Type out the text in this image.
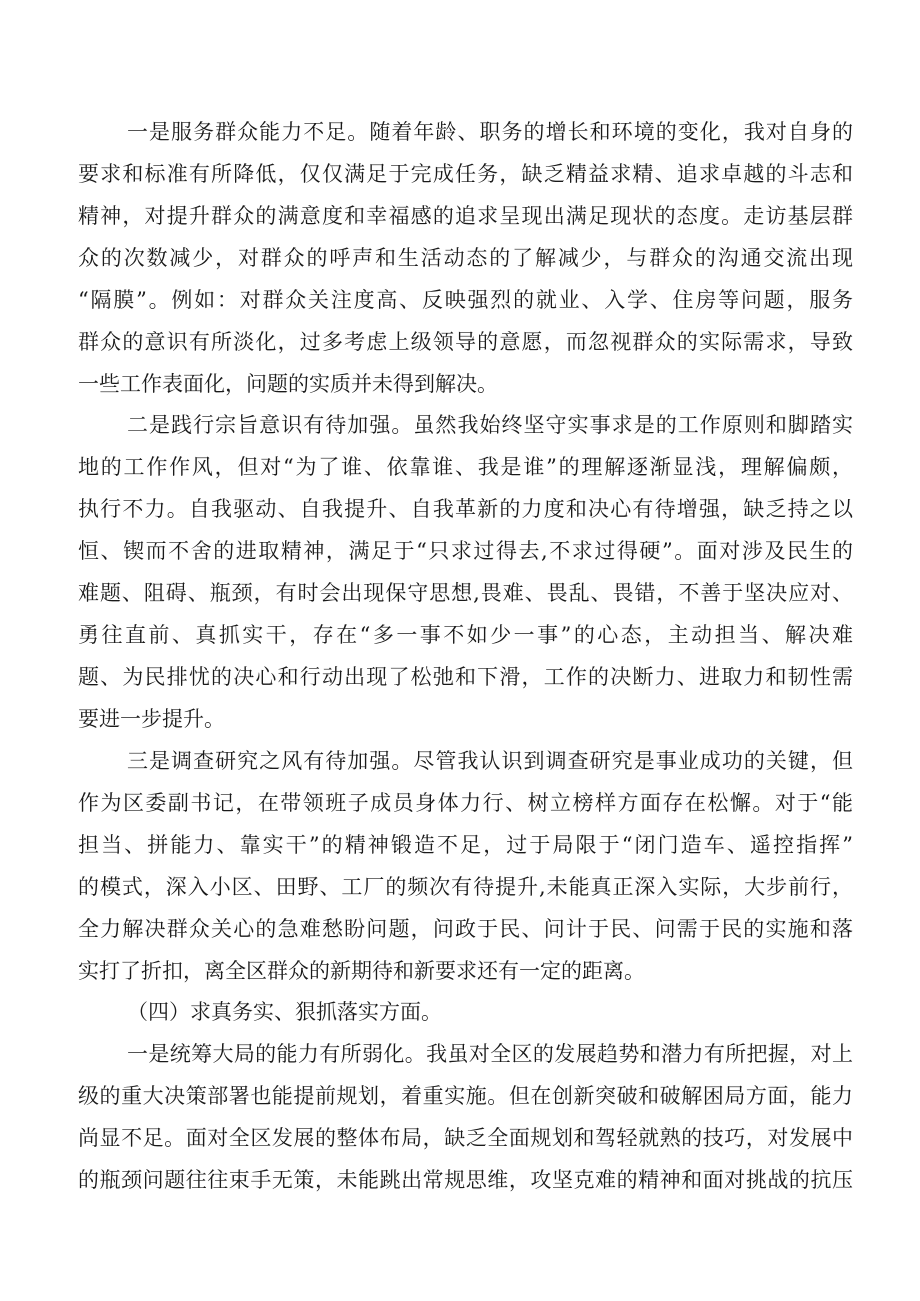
一是服务群众能力不足。随着年龄、职务的增长和环境的变化，我对自身的
要求和标准有所降低，仅仅满足于完成任务，缺乏精益求精、追求卓越的斗志和
精神，对提升群众的满意度和幸福感的追求呈现出满足现状的态度。走访基层群
众的次数减少，对群众的呼声和生活动态的了解减少，与群众的沟通交流出现
“隔膜”。例如：对群众关注度高、反映强烈的就业、入学、住房等问题，服务
群众的意识有所淡化，过多考虑上级领导的意愿，而忽视群众的实际需求，导致
一些工作表面化，问题的实质并未得到解决。
二是践行宗旨意识有待加强。虽然我始终坚守实事求是的工作原则和脚踏实
地的工作作风，但对“为了谁、依靠谁、我是谁”的理解逐渐显浅，理解偏颇，
执行不力。自我驱动、自我提升、自我革新的力度和决心有待增强，缺乏持之以
恒、锲而不舍的进取精神，满足于“只求过得去,不求过得硬”。面对涉及民生的
难题、阻碍、瓶颈，有时会出现保守思想,畏难、畏乱、畏错，不善于坚决应对、
勇往直前、真抓实干，存在“多一事不如少一事”的心态，主动担当、解决难
题、为民排忧的决心和行动出现了松弛和下滑，工作的决断力、进取力和韧性需
要进一步提升。
三是调查研究之风有待加强。尽管我认识到调查研究是事业成功的关键，但
作为区委副书记，在带领班子成员身体力行、树立榜样方面存在松懈。对于“能
担当、拼能力、靠实干”的精神锻造不足，过于局限于“闭门造车、遥控指挥”
的模式，深入小区、田野、工厂的频次有待提升,未能真正深入实际，大步前行，
全力解决群众关心的急难愁盼问题，问政于民、问计于民、问需于民的实施和落
实打了折扣，离全区群众的新期待和新要求还有一定的距离。
（四）求真务实、狠抓落实方面。
一是统筹大局的能力有所弱化。我虽对全区的发展趋势和潜力有所把握，对上
级的重大决策部署也能提前规划，着重实施。但在创新突破和破解困局方面，能力
尚显不足。面对全区发展的整体布局，缺乏全面规划和驾轻就熟的技巧，对发展中
的瓶颈问题往往束手无策，未能跳出常规思维，攻坚克难的精神和面对挑战的抗压
